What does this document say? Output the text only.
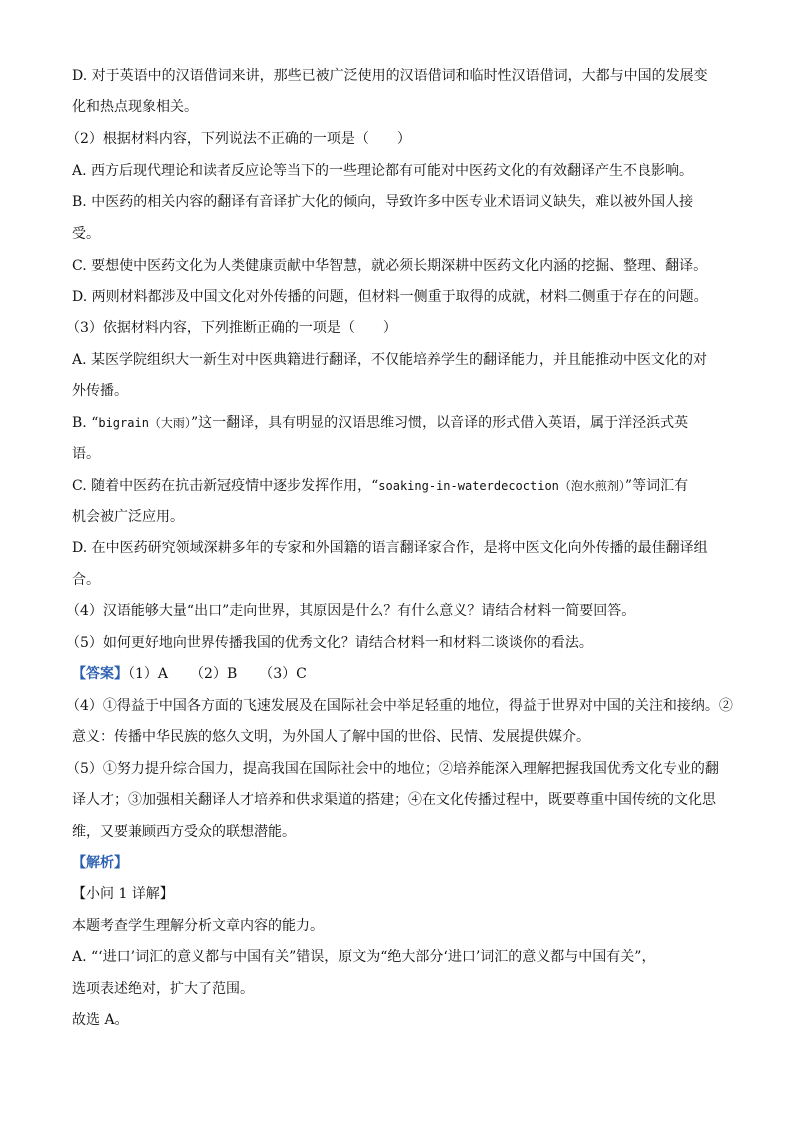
D. 对于英语中的汉语借词来讲，那些已被广泛使用的汉语借词和临时性汉语借词，大都与中国的发展变
化和热点现象相关。
（2）根据材料内容，下列说法不正确的一项是（　　）
A. 西方后现代理论和读者反应论等当下的一些理论都有可能对中医药文化的有效翻译产生不良影响。
B. 中医药的相关内容的翻译有音译扩大化的倾向，导致许多中医专业术语词义缺失，难以被外国人接
受。
C. 要想使中医药文化为人类健康贡献中华智慧，就必须长期深耕中医药文化内涵的挖掘、整理、翻译。
D. 两则材料都涉及中国文化对外传播的问题，但材料一侧重于取得的成就，材料二侧重于存在的问题。
（3）依据材料内容，下列推断正确的一项是（　　）
A. 某医学院组织大一新生对中医典籍进行翻译，不仅能培养学生的翻译能力，并且能推动中医文化的对
外传播。
B. “bigrain（大雨）”这一翻译，具有明显的汉语思维习惯，以音译的形式借入英语，属于洋泾浜式英
语。
C. 随着中医药在抗击新冠疫情中逐步发挥作用，“soaking-in-waterdecoction（泡水煎剂）”等词汇有
机会被广泛应用。
D. 在中医药研究领域深耕多年的专家和外国籍的语言翻译家合作，是将中医文化向外传播的最佳翻译组
合。
（4）汉语能够大量“出口”走向世界，其原因是什么？有什么意义？请结合材料一简要回答。
（5）如何更好地向世界传播我国的优秀文化？请结合材料一和材料二谈谈你的看法。
【答案】（1）A （2）B （3）C
（4）①得益于中国各方面的飞速发展及在国际社会中举足轻重的地位，得益于世界对中国的关注和接纳。②
意义：传播中华民族的悠久文明，为外国人了解中国的世俗、民情、发展提供媒介。
（5）①努力提升综合国力，提高我国在国际社会中的地位；②培养能深入理解把握我国优秀文化专业的翻
译人才；③加强相关翻译人才培养和供求渠道的搭建；④在文化传播过程中，既要尊重中国传统的文化思
维，又要兼顾西方受众的联想潜能。
【解析】
【小问 1 详解】
本题考查学生理解分析文章内容的能力。
A. “‘进口’词汇的意义都与中国有关”错误，原文为“绝大部分‘进口’词汇的意义都与中国有关”，
选项表述绝对，扩大了范围。
故选 A。
